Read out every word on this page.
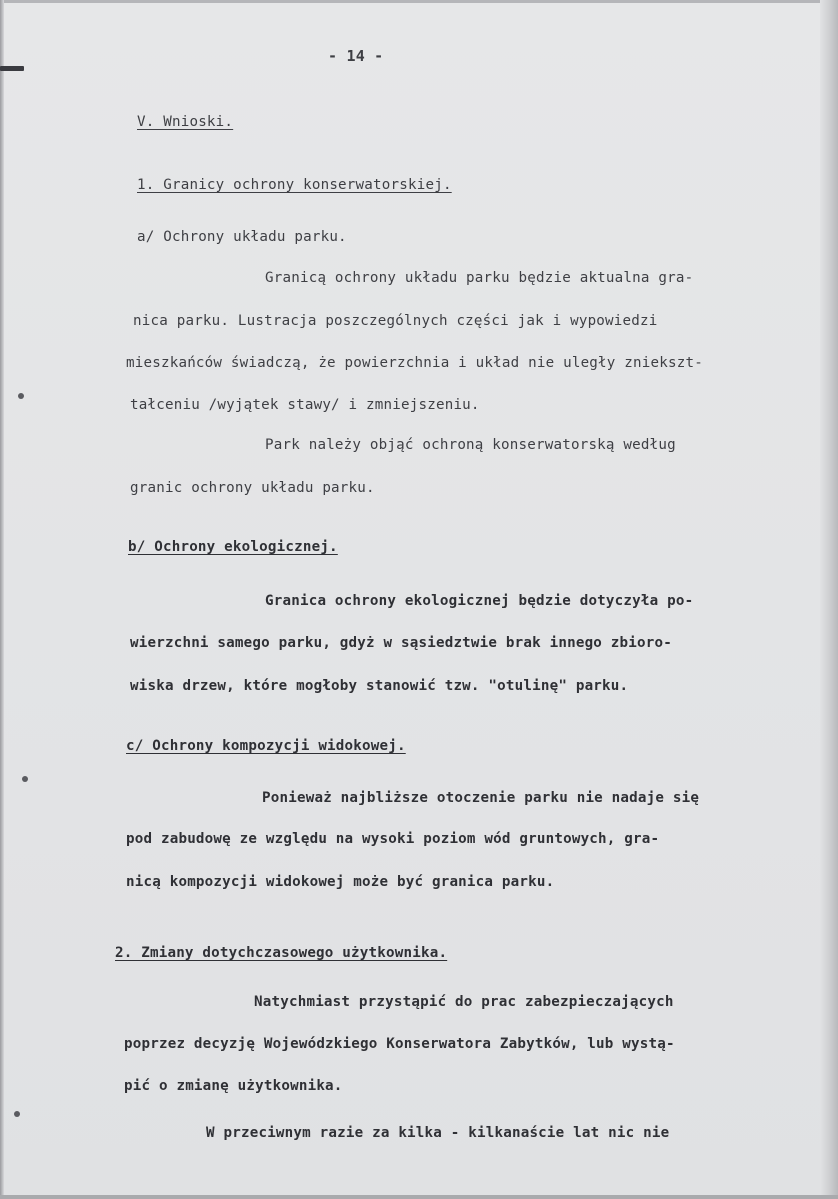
- 14 -
V. Wnioski.
1. Granicy ochrony konserwatorskiej.
a/ Ochrony układu parku.
Granicą ochrony układu parku będzie aktualna gra-
nica parku. Lustracja poszczególnych części jak i wypowiedzi
mieszkańców świadczą, że powierzchnia i układ nie uległy zniekszt-
tałceniu /wyjątek stawy/ i zmniejszeniu.
Park należy objąć ochroną konserwatorską według
granic ochrony układu parku.
b/ Ochrony ekologicznej.
Granica ochrony ekologicznej będzie dotyczyła po-
wierzchni samego parku, gdyż w sąsiedztwie brak innego zbioro-
wiska drzew, które mogłoby stanowić tzw. "otulinę" parku.
c/ Ochrony kompozycji widokowej.
Ponieważ najbliższe otoczenie parku nie nadaje się
pod zabudowę ze względu na wysoki poziom wód gruntowych, gra-
nicą kompozycji widokowej może być granica parku.
2. Zmiany dotychczasowego użytkownika.
Natychmiast przystąpić do prac zabezpieczających
poprzez decyzję Wojewódzkiego Konserwatora Zabytków, lub wystą-
pić o zmianę użytkownika.
W przeciwnym razie za kilka - kilkanaście lat nic nie
